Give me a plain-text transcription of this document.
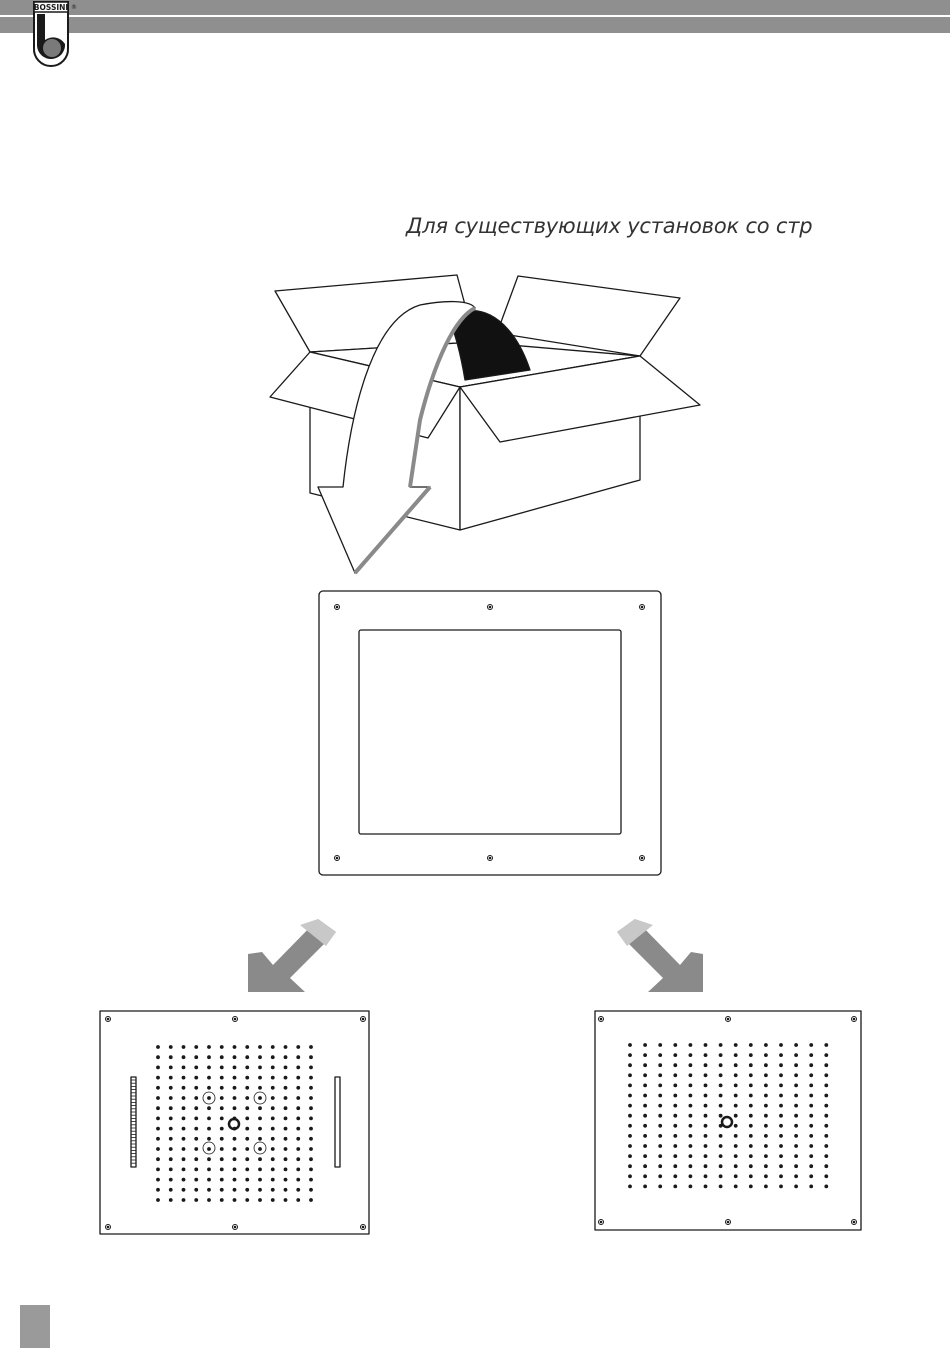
BOSSINI ®
Для существующих установок со стр
